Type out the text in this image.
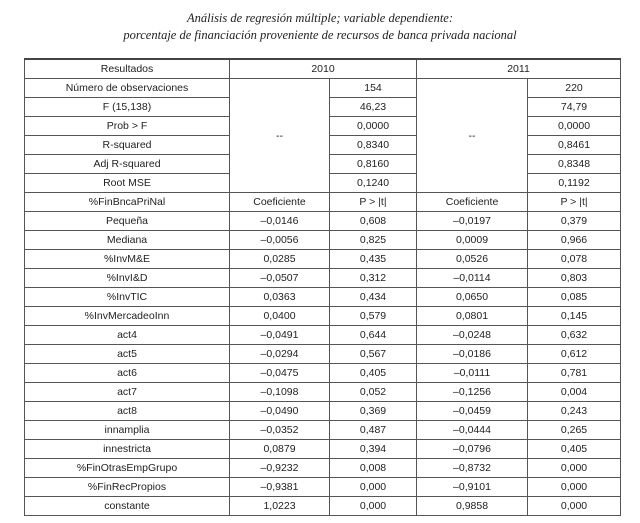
Análisis de regresión múltiple; variable dependiente:
porcentaje de financiación proveniente de recursos de banca privada nacional
Resultados	2010		2011	
Número de observaciones	--	154	--	220
F (15,138)		46,23		74,79
Prob > F		0,0000		0,0000
R-squared		0,8340		0,8461
Adj R-squared		0,8160		0,8348
Root MSE		0,1240		0,1192
%FinBncaPriNal	Coeficiente	P > |t|	Coeficiente	P > |t|
Pequeña	–0,0146	0,608	–0,0197	0,379
Mediana	–0,0056	0,825	0,0009	0,966
%InvM&E	0,0285	0,435	0,0526	0,078
%InvI&D	–0,0507	0,312	–0,0114	0,803
%InvTIC	0,0363	0,434	0,0650	0,085
%InvMercadeoInn	0,0400	0,579	0,0801	0,145
act4	–0,0491	0,644	–0,0248	0,632
act5	–0,0294	0,567	–0,0186	0,612
act6	–0,0475	0,405	–0,0111	0,781
act7	–0,1098	0,052	–0,1256	0,004
act8	–0,0490	0,369	–0,0459	0,243
innamplia	–0,0352	0,487	–0,0444	0,265
innestricta	0,0879	0,394	–0,0796	0,405
%FinOtrasEmpGrupo	–0,9232	0,008	–0,8732	0,000
%FinRecPropios	–0,9381	0,000	–0,9101	0,000
constante	1,0223	0,000	0,9858	0,000
